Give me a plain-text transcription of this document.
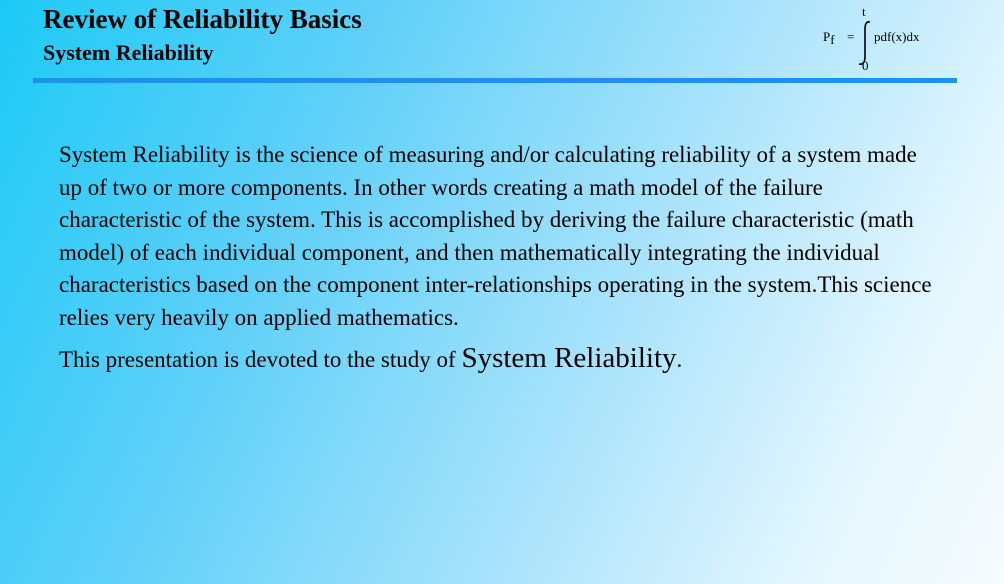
Review of Reliability Basics
System Reliability
Pf =
t
0
pdf(x)dx

System Reliability is the science of measuring and/or calculating reliability of a system made up of two or more components. In other words creating a math model of the failure characteristic of the system. This is accomplished by deriving the failure characteristic (math model) of each individual component, and then mathematically integrating the individual characteristics based on the component inter-relationships operating in the system.This science relies very heavily on applied mathematics.

This presentation is devoted to the study of System Reliability.
